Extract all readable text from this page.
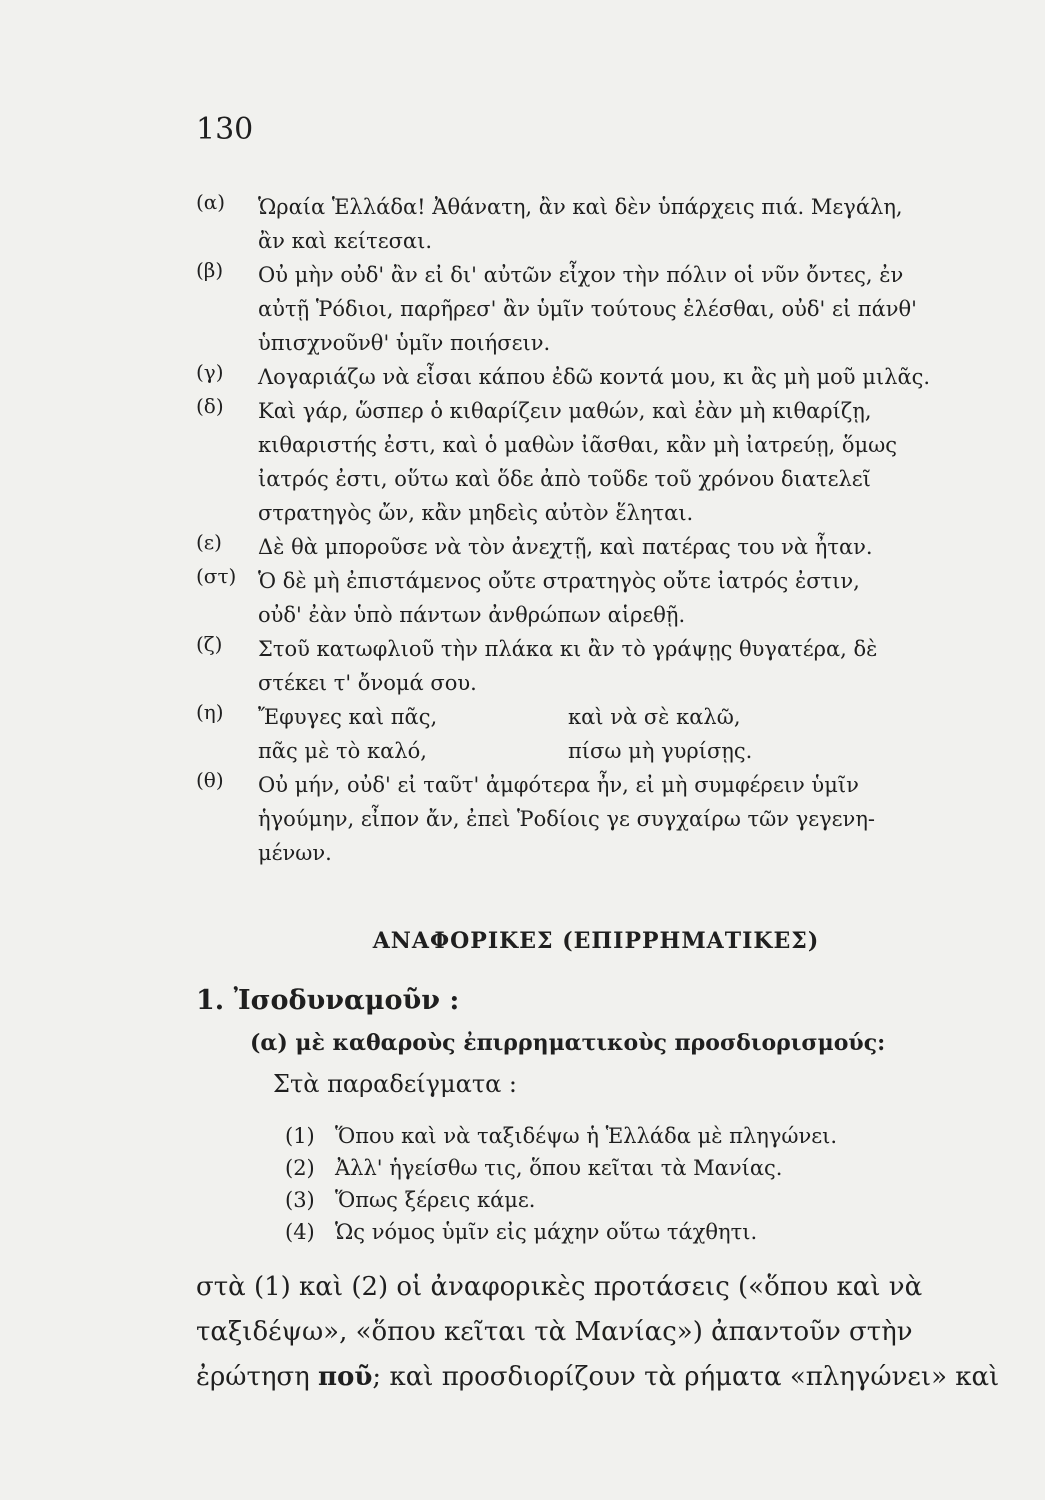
130
(α) Ὡραία Ἑλλάδα! Ἀθάνατη, ἂν καὶ δὲν ὑπάρχεις πιά. Μεγάλη,
ἂν καὶ κείτεσαι.
(β) Οὐ μὴν οὐδ' ἂν εἰ δι' αὐτῶν εἶχον τὴν πόλιν οἱ νῦν ὄντες, ἐν
αὐτῇ Ῥόδιοι, παρῆρεσ' ἂν ὑμῖν τούτους ἑλέσθαι, οὐδ' εἰ πάνθ'
ὑπισχνοῦνθ' ὑμῖν ποιήσειν.
(γ) Λογαριάζω νὰ εἶσαι κάπου ἐδῶ κοντά μου, κι ἂς μὴ μοῦ μιλᾶς.
(δ) Καὶ γάρ, ὥσπερ ὁ κιθαρίζειν μαθών, καὶ ἐὰν μὴ κιθαρίζῃ,
κιθαριστής ἐστι, καὶ ὁ μαθὼν ἰᾶσθαι, κἂν μὴ ἰατρεύῃ, ὅμως
ἰατρός ἐστι, οὕτω καὶ ὅδε ἀπὸ τοῦδε τοῦ χρόνου διατελεῖ
στρατηγὸς ὤν, κἂν μηδεὶς αὐτὸν ἕληται.
(ε) Δὲ θὰ μποροῦσε νὰ τὸν ἀνεχτῇ, καὶ πατέρας του νὰ ἦταν.
(στ) Ὁ δὲ μὴ ἐπιστάμενος οὔτε στρατηγὸς οὔτε ἰατρός ἐστιν,
οὐδ' ἐὰν ὑπὸ πάντων ἀνθρώπων αἱρεθῇ.
(ζ) Στοῦ κατωφλιοῦ τὴν πλάκα κι ἂν τὸ γράψῃς θυγατέρα, δὲ
στέκει τ' ὄνομά σου.
(η) Ἔφυγες καὶ πᾶς,	καὶ νὰ σὲ καλῶ,
πᾶς μὲ τὸ καλό,	πίσω μὴ γυρίσῃς.
(θ) Οὐ μήν, οὐδ' εἰ ταῦτ' ἀμφότερα ἦν, εἰ μὴ συμφέρειν ὑμῖν
ἡγούμην, εἶπον ἄν, ἐπεὶ Ῥοδίοις γε συγχαίρω τῶν γεγενη-
μένων.
ΑΝΑΦΟΡΙΚΕΣ (ΕΠΙΡΡΗΜΑΤΙΚΕΣ)
1. Ἰσοδυναμοῦν :
(α) μὲ καθαροὺς ἐπιρρηματικοὺς προσδιορισμούς:
Στὰ παραδείγματα :
(1) Ὅπου καὶ νὰ ταξιδέψω ἡ Ἑλλάδα μὲ πληγώνει.
(2) Ἀλλ' ἡγείσθω τις, ὅπου κεῖται τὰ Μανίας.
(3) Ὅπως ξέρεις κάμε.
(4) Ὡς νόμος ὑμῖν εἰς μάχην οὕτω τάχθητι.
στὰ (1) καὶ (2) οἱ ἀναφορικὲς προτάσεις («ὅπου καὶ νὰ
ταξιδέψω», «ὅπου κεῖται τὰ Μανίας») ἀπαντοῦν στὴν
ἐρώτηση ποῦ; καὶ προσδιορίζουν τὰ ρήματα «πληγώνει» καὶ
